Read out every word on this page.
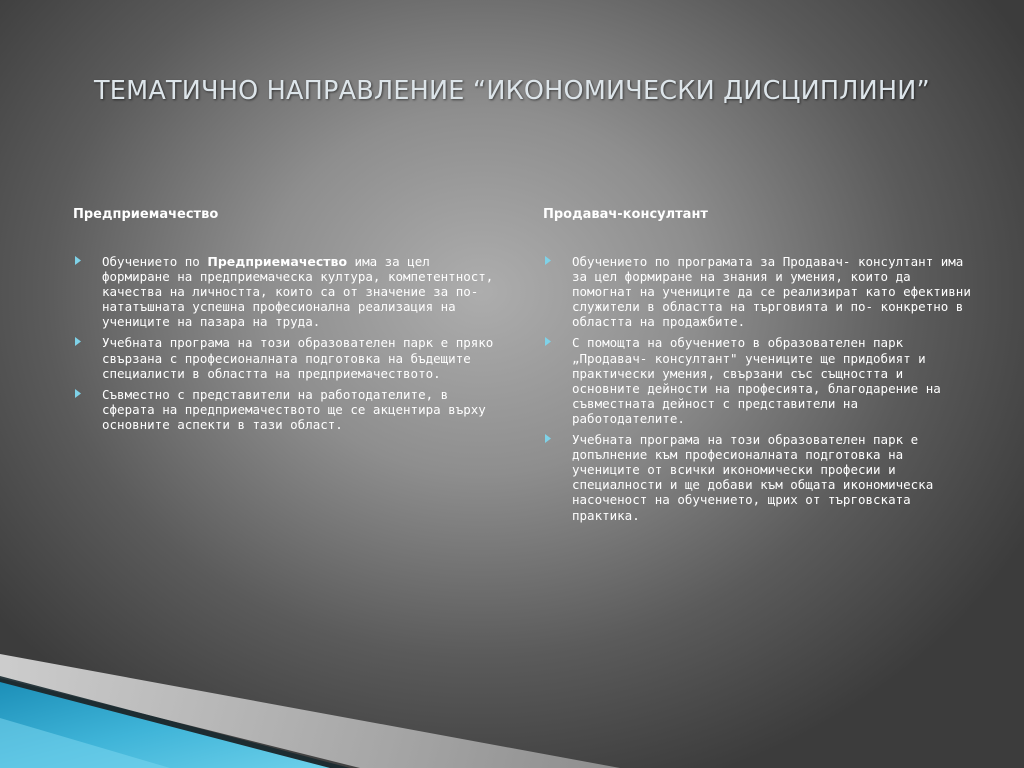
ТЕМАТИЧНО НАПРАВЛЕНИЕ “ИКОНОМИЧЕСКИ ДИСЦИПЛИНИ”
Предприемачество
Обучението по Предприемачество има за цел формиране на предприемаческа култура, компетентност, качества на личността, които са от значение за по-нататъшната успешна професионална реализация на учениците на пазара на труда.
Учебната програма на този образователен парк е пряко свързана с професионалната подготовка на бъдещите специалисти в областта на предприемачеството.
Съвместно с представители на работодателите, в сферата на предприемачеството ще се акцентира върху основните аспекти в тази област.
Продавач-консултант
Обучението по програмата за Продавач- консултант има за цел формиране на знания и умения, които да помогнат на учениците да се реализират като ефективни служители в областта на търговията и по- конкретно в областта на продажбите.
С помощта на обучението в образователен парк „Продавач- консултант" учениците ще придобият и практически умения, свързани със същността и основните дейности на професията, благодарение на съвместната дейност с представители на работодателите.
Учебната програма на този образователен парк е допълнение към професионалната подготовка на учениците от всички икономически професии и специалности и ще добави към общата икономическа насоченост на обучението, щрих от търговската практика.
